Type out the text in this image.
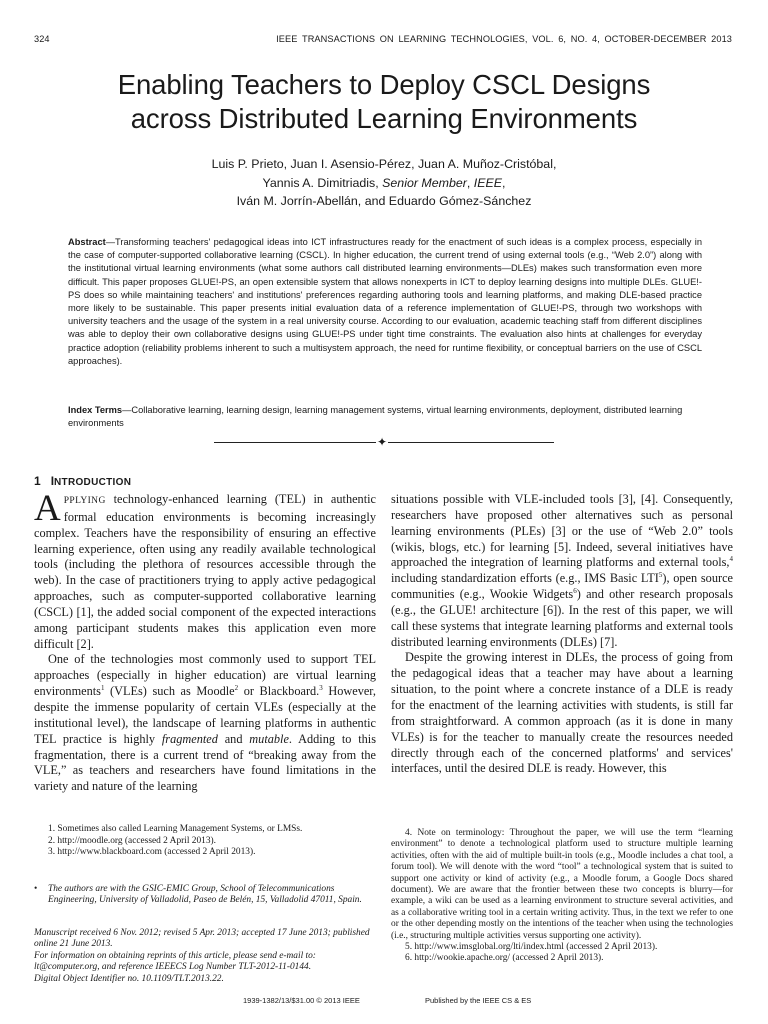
324	IEEE TRANSACTIONS ON LEARNING TECHNOLOGIES, VOL. 6, NO. 4, OCTOBER-DECEMBER 2013
Enabling Teachers to Deploy CSCL Designs
across Distributed Learning Environments
Luis P. Prieto, Juan I. Asensio-Pérez, Juan A. Muñoz-Cristóbal,
Yannis A. Dimitriadis, Senior Member, IEEE,
Iván M. Jorrín-Abellán, and Eduardo Gómez-Sánchez
Abstract—Transforming teachers' pedagogical ideas into ICT infrastructures ready for the enactment of such ideas is a complex process, especially in the case of computer-supported collaborative learning (CSCL). In higher education, the current trend of using external tools (e.g., “Web 2.0”) along with the institutional virtual learning environments (what some authors call distributed learning environments—DLEs) makes such transformation even more difficult. This paper proposes GLUE!-PS, an open extensible system that allows nonexperts in ICT to deploy learning designs into multiple DLEs. GLUE!-PS does so while maintaining teachers' and institutions' preferences regarding authoring tools and learning platforms, and making DLE-based practice more likely to be sustainable. This paper presents initial evaluation data of a reference implementation of GLUE!-PS, through two workshops with university teachers and the usage of the system in a real university course. According to our evaluation, academic teaching staff from different disciplines was able to deploy their own collaborative designs using GLUE!-PS under tight time constraints. The evaluation also hints at challenges for everyday practice adoption (reliability problems inherent to such a multisystem approach, the need for runtime flexibility, or conceptual barriers on the use of CSCL approaches).
Index Terms—Collaborative learning, learning design, learning management systems, virtual learning environments, deployment, distributed learning environments
✦
1 INTRODUCTION

APPLYING technology-enhanced learning (TEL) in authentic formal education environments is becoming increasingly complex. Teachers have the responsibility of ensuring an effective learning experience, often using any readily available technological tools (including the plethora of resources accessible through the web). In the case of practitioners trying to apply active pedagogical approaches, such as computer-supported collaborative learning (CSCL) [1], the added social component of the expected interactions among participant students makes this application even more difficult [2].

One of the technologies most commonly used to support TEL approaches (especially in higher education) are virtual learning environments$^1$ (VLEs) such as Moodle$^2$ or Blackboard.$^3$ However, despite the immense popularity of certain VLEs (especially at the institutional level), the landscape of learning platforms in authentic TEL practice is highly fragmented and mutable. Adding to this fragmentation, there is a current trend of “breaking away from the VLE,” as teachers and researchers have found limitations in the variety and nature of the learning

situations possible with VLE-included tools [3], [4]. Consequently, researchers have proposed other alternatives such as personal learning environments (PLEs) [3] or the use of “Web 2.0” tools (wikis, blogs, etc.) for learning [5]. Indeed, several initiatives have approached the integration of learning platforms and external tools,$^4$ including standardization efforts (e.g., IMS Basic LTI$^5$), open source communities (e.g., Wookie Widgets$^6$) and other research proposals (e.g., the GLUE! architecture [6]). In the rest of this paper, we will call these systems that integrate learning platforms and external tools distributed learning environments (DLEs) [7].

Despite the growing interest in DLEs, the process of going from the pedagogical ideas that a teacher may have about a learning situation, to the point where a concrete instance of a DLE is ready for the enactment of the learning activities with students, is still far from straightforward. A common approach (as it is done in many VLEs) is for the teacher to manually create the resources needed directly through each of the concerned platforms' and services' interfaces, until the desired DLE is ready. However, this

1. Sometimes also called Learning Management Systems, or LMSs.
2. http://moodle.org (accessed 2 April 2013).
3. http://www.blackboard.com (accessed 2 April 2013).
•	The authors are with the GSIC-EMIC Group, School of Telecommunications Engineering, University of Valladolid, Paseo de Belén, 15, Valladolid 47011, Spain.
Manuscript received 6 Nov. 2012; revised 5 Apr. 2013; accepted 17 June 2013; published online 21 June 2013.
For information on obtaining reprints of this article, please send e-mail to: lt@computer.org, and reference IEEECS Log Number TLT-2012-11-0144.
Digital Object Identifier no. 10.1109/TLT.2013.22.
4. Note on terminology: Throughout the paper, we will use the term “learning environment” to denote a technological platform used to structure multiple learning activities, often with the aid of multiple built-in tools (e.g., Moodle includes a chat tool, a forum tool). We will denote with the word “tool” a technological system that is suited to support one activity or kind of activity (e.g., a Moodle forum, a Google Docs shared document). We are aware that the frontier between these two concepts is blurry—for example, a wiki can be used as a learning environment to structure several activities, and as a collaborative writing tool in a certain writing activity. Thus, in the text we refer to one or the other depending mostly on the intentions of the teacher when using the technologies (i.e., structuring multiple activities versus supporting one activity).
5. http://www.imsglobal.org/lti/index.html (accessed 2 April 2013).
6. http://wookie.apache.org/ (accessed 2 April 2013).
1939-1382/13/$31.00 © 2013 IEEE	Published by the IEEE CS & ES
